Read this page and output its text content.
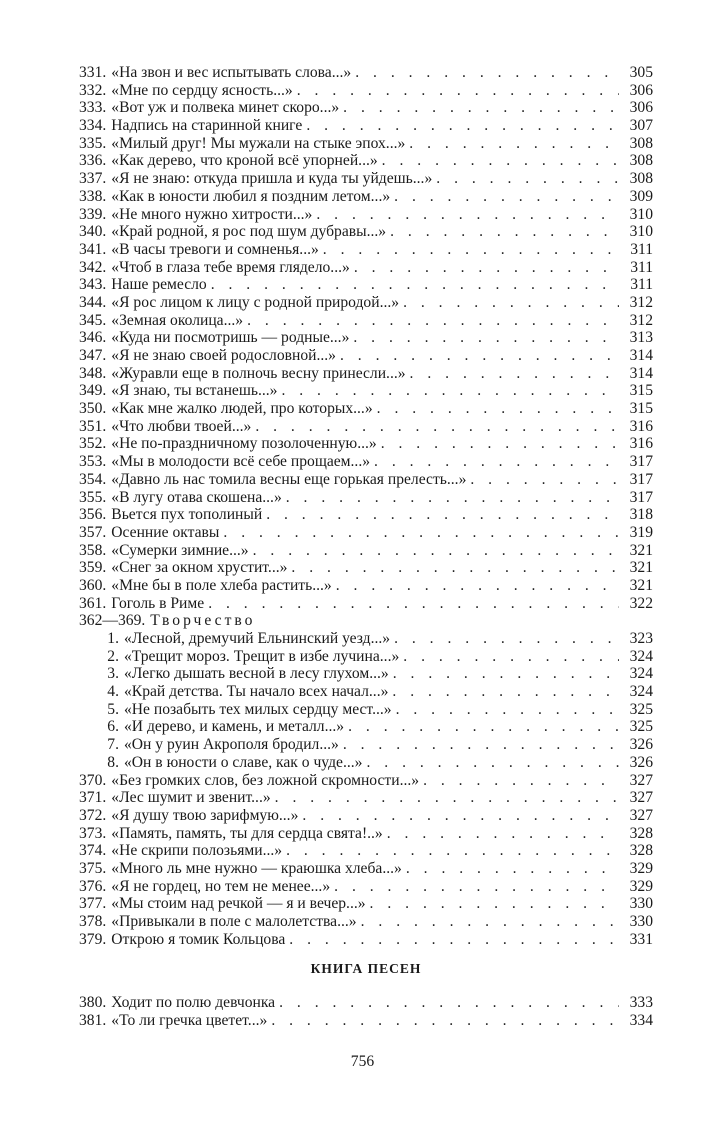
331. «На звон и вес испытывать слова...» . . .	305
332. «Мне по сердцу ясность...» . . .	306
333. «Вот уж и полвека минет скоро...» . . .	306
334. Надпись на старинной книге . . .	307
335. «Милый друг! Мы мужали на стыке эпох...» . . .	308
336. «Как дерево, что кроной всё упорней...» . . .	308
337. «Я не знаю: откуда пришла и куда ты уйдешь...» . . .	308
338. «Как в юности любил я поздним летом...» . . .	309
339. «Не много нужно хитрости...» . . .	310
340. «Край родной, я рос под шум дубравы...» . . .	310
341. «В часы тревоги и сомненья...» . . .	311
342. «Чтоб в глаза тебе время глядело...» . . .	311
343. Наше ремесло . . .	311
344. «Я рос лицом к лицу с родной природой...» . . .	312
345. «Земная околица...» . . .	312
346. «Куда ни посмотришь — родные...» . . .	313
347. «Я не знаю своей родословной...» . . .	314
348. «Журавли еще в полночь весну принесли...» . . .	314
349. «Я знаю, ты встанешь...» . . .	315
350. «Как мне жалко людей, про которых...» . . .	315
351. «Что любви твоей...» . . .	316
352. «Не по-праздничному позолоченную...» . . .	316
353. «Мы в молодости всё себе прощаем...» . . .	317
354. «Давно ль нас томила весны еще горькая прелесть...» . . .	317
355. «В лугу отава скошена...» . . .	317
356. Вьется пух тополиный . . .	318
357. Осенние октавы . . .	319
358. «Сумерки зимние...» . . .	321
359. «Снег за окном хрустит...» . . .	321
360. «Мне бы в поле хлеба растить...» . . .	321
361. Гоголь в Риме . . .	322
362—369. Творчество
1. «Лесной, дремучий Ельнинский уезд...» . . .	323
2. «Трещит мороз. Трещит в избе лучина...» . . .	324
3. «Легко дышать весной в лесу глухом...» . . .	324
4. «Край детства. Ты начало всех начал...» . . .	324
5. «Не позабыть тех милых сердцу мест...» . . .	325
6. «И дерево, и камень, и металл...» . . .	325
7. «Он у руин Акрополя бродил...» . . .	326
8. «Он в юности о славе, как о чуде...» . . .	326
370. «Без громких слов, без ложной скромности...» . . .	327
371. «Лес шумит и звенит...» . . .	327
372. «Я душу твою зарифмую...» . . .	327
373. «Память, память, ты для сердца свята!..» . . .	328
374. «Не скрипи полозьями...» . . .	328
375. «Много ль мне нужно — краюшка хлеба...» . . .	329
376. «Я не гордец, но тем не менее...» . . .	329
377. «Мы стоим над речкой — я и вечер...» . . .	330
378. «Привыкали в поле с малолетства...» . . .	330
379. Открою я томик Кольцова . . .	331
КНИГА ПЕСЕН
380. Ходит по полю девчонка . . .	333
381. «То ли гречка цветет...» . . .	334
756
